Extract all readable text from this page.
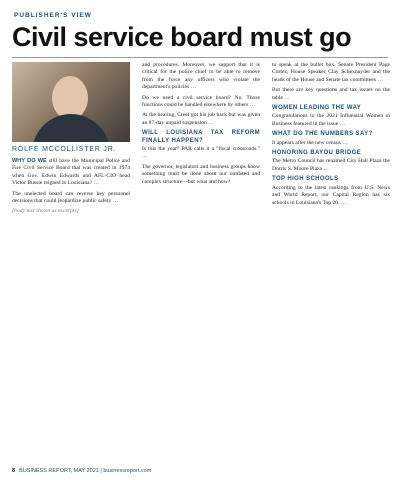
PUBLISHER'S VIEW
Civil service board must go
ROLFE MCCOLLISTER JR.

WHY DO WE still have the Municipal Police and Fire Civil Service Board that was created in 1974 when Gov. Edwin Edwards and AFL-CIO head Victor Bussie reigned in Louisiana? …

The unelected board can reverse key personnel decisions that could jeopardize public safety …

[body text shown as excerpts]

and procedures. Moreover, we support that it is critical for the police chief to be able to remove from the force any officers who violate the department's policies …

Do we need a civil service board? No. Those functions could be handled elsewhere by others …

At the hearing, Creel got his job back but was given an 87-day unpaid suspension …

WILL LOUISIANA TAX REFORM FINALLY HAPPEN?

Is this the year? PAR calls it a "fiscal crossroads." …

The governor, legislators and business groups know something must be done about our outdated and complex structure—but what and how?

to speak at the bullet box. Senate President Page Cortez, House Speaker Clay Schexnayder and the heads of the House and Senate tax committees …

But there are key questions and tax issues on the table …

WOMEN LEADING THE WAY

Congratulations to the 2021 Influential Women in Business featured in the issue …

WHAT DO THE NUMBERS SAY?

It appears after the new census …

HONORING BAYOU BRIDGE

The Metro Council has renamed City Hall Plaza the Dorris S. Moore Plaza …

TOP HIGH SCHOOLS

According to the latest rankings from U.S. News and World Report, our Capital Region has six schools in Louisiana's Top 20. …

8 BUSINESS REPORT, MAY 2021 | businessreport.com
